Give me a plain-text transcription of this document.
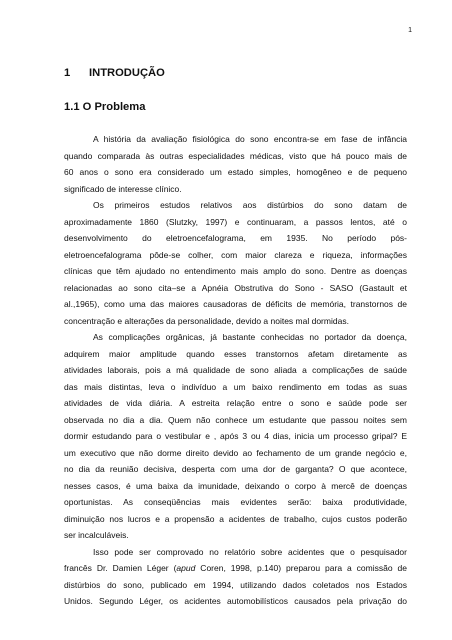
1
1 INTRODUÇÃO
1.1 O Problema
A história da avaliação fisiológica do sono encontra-se em fase de infância
quando comparada às outras especialidades médicas, visto que há pouco mais de
60 anos o sono era considerado um estado simples, homogêneo e de pequeno
significado de interesse clínico.
Os primeiros estudos relativos aos distúrbios do sono datam de
aproximadamente 1860 (Slutzky, 1997) e continuaram, a passos lentos, até o
desenvolvimento do eletroencefalograma, em 1935. No período pós-
eletroencefalograma pôde-se colher, com maior clareza e riqueza, informações
clínicas que têm ajudado no entendimento mais amplo do sono. Dentre as doenças
relacionadas ao sono cita–se a Apnéia Obstrutiva do Sono - SASO (Gastault et
al.,1965), como uma das maiores causadoras de déficits de memória, transtornos de
concentração e alterações da personalidade, devido a noites mal dormidas.
As complicações orgânicas, já bastante conhecidas no portador da doença,
adquirem maior amplitude quando esses transtornos afetam diretamente as
atividades laborais, pois a má qualidade de sono aliada a complicações de saúde
das mais distintas, leva o indivíduo a um baixo rendimento em todas as suas
atividades de vida diária. A estreita relação entre o sono e saúde pode ser
observada no dia a dia. Quem não conhece um estudante que passou noites sem
dormir estudando para o vestibular e , após 3 ou 4 dias, inicia um processo gripal? E
um executivo que não dorme direito devido ao fechamento de um grande negócio e,
no dia da reunião decisiva, desperta com uma dor de garganta? O que acontece,
nesses casos, é uma baixa da imunidade, deixando o corpo à mercê de doenças
oportunistas. As conseqüências mais evidentes serão: baixa produtividade,
diminuição nos lucros e a propensão a acidentes de trabalho, cujos custos poderão
ser incalculáveis.
Isso pode ser comprovado no relatório sobre acidentes que o pesquisador
francês Dr. Damien Léger (apud Coren, 1998, p.140) preparou para a comissão de
distúrbios do sono, publicado em 1994, utilizando dados coletados nos Estados
Unidos. Segundo Léger, os acidentes automobilísticos causados pela privação do
